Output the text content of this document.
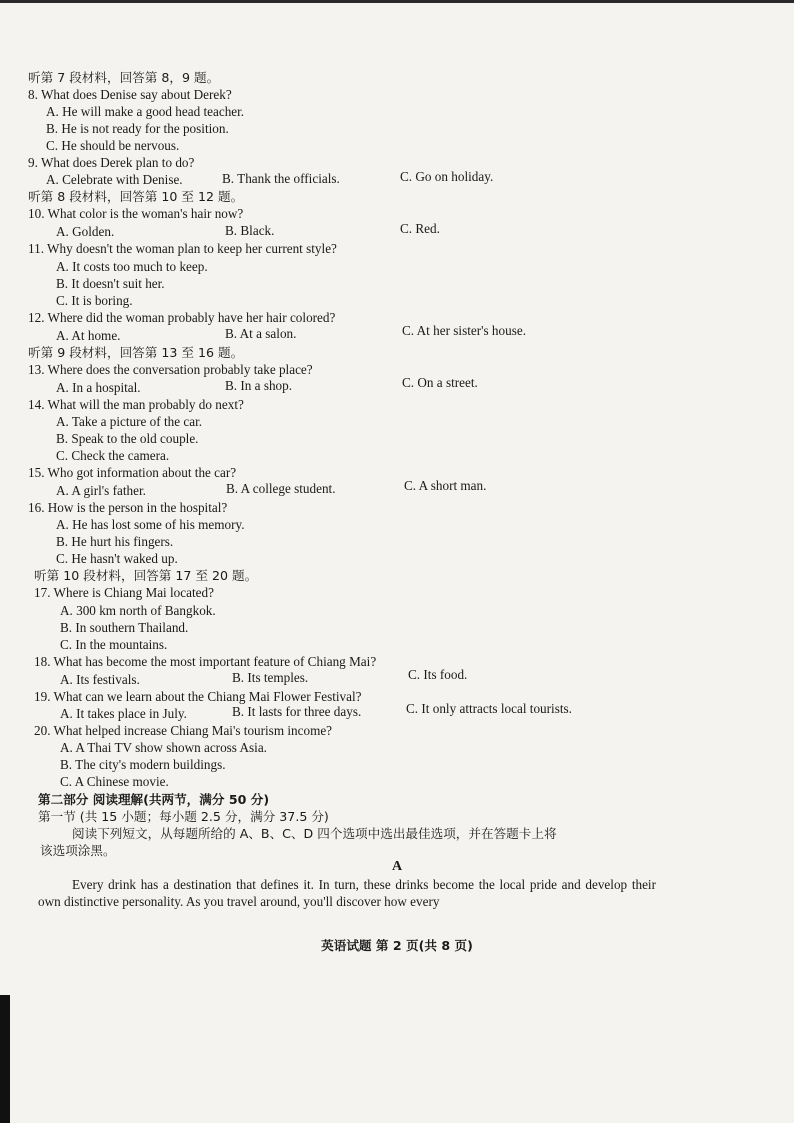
听第 7 段材料，回答第 8，9 题。
8. What does Denise say about Derek?
A. He will make a good head teacher.
B. He is not ready for the position.
C. He should be nervous.
9. What does Derek plan to do?
A. Celebrate with Denise.	B. Thank the officials.	C. Go on holiday.
听第 8 段材料，回答第 10 至 12 题。
10. What color is the woman's hair now?
A. Golden.	B. Black.	C. Red.
11. Why doesn't the woman plan to keep her current style?
A. It costs too much to keep.
B. It doesn't suit her.
C. It is boring.
12. Where did the woman probably have her hair colored?
A. At home.	B. At a salon.	C. At her sister's house.
听第 9 段材料，回答第 13 至 16 题。
13. Where does the conversation probably take place?
A. In a hospital.	B. In a shop.	C. On a street.
14. What will the man probably do next?
A. Take a picture of the car.
B. Speak to the old couple.
C. Check the camera.
15. Who got information about the car?
A. A girl's father.	B. A college student.	C. A short man.
16. How is the person in the hospital?
A. He has lost some of his memory.
B. He hurt his fingers.
C. He hasn't waked up.
听第 10 段材料，回答第 17 至 20 题。
17. Where is Chiang Mai located?
A. 300 km north of Bangkok.
B. In southern Thailand.
C. In the mountains.
18. What has become the most important feature of Chiang Mai?
A. Its festivals.	B. Its temples.	C. Its food.
19. What can we learn about the Chiang Mai Flower Festival?
A. It takes place in July.	B. It lasts for three days.	C. It only attracts local tourists.
20. What helped increase Chiang Mai's tourism income?
A. A Thai TV show shown across Asia.
B. The city's modern buildings.
C. A Chinese movie.
第二部分 阅读理解(共两节，满分 50 分)
第一节 (共 15 小题；每小题 2.5 分，满分 37.5 分)
阅读下列短文，从每题所给的 A、B、C、D 四个选项中选出最佳选项，并在答题卡上将
该选项涂黑。
A
Every drink has a destination that defines it. In turn, these drinks become the local pride and develop their own distinctive personality. As you travel around, you'll discover how every
英语试题 第 2 页(共 8 页)
